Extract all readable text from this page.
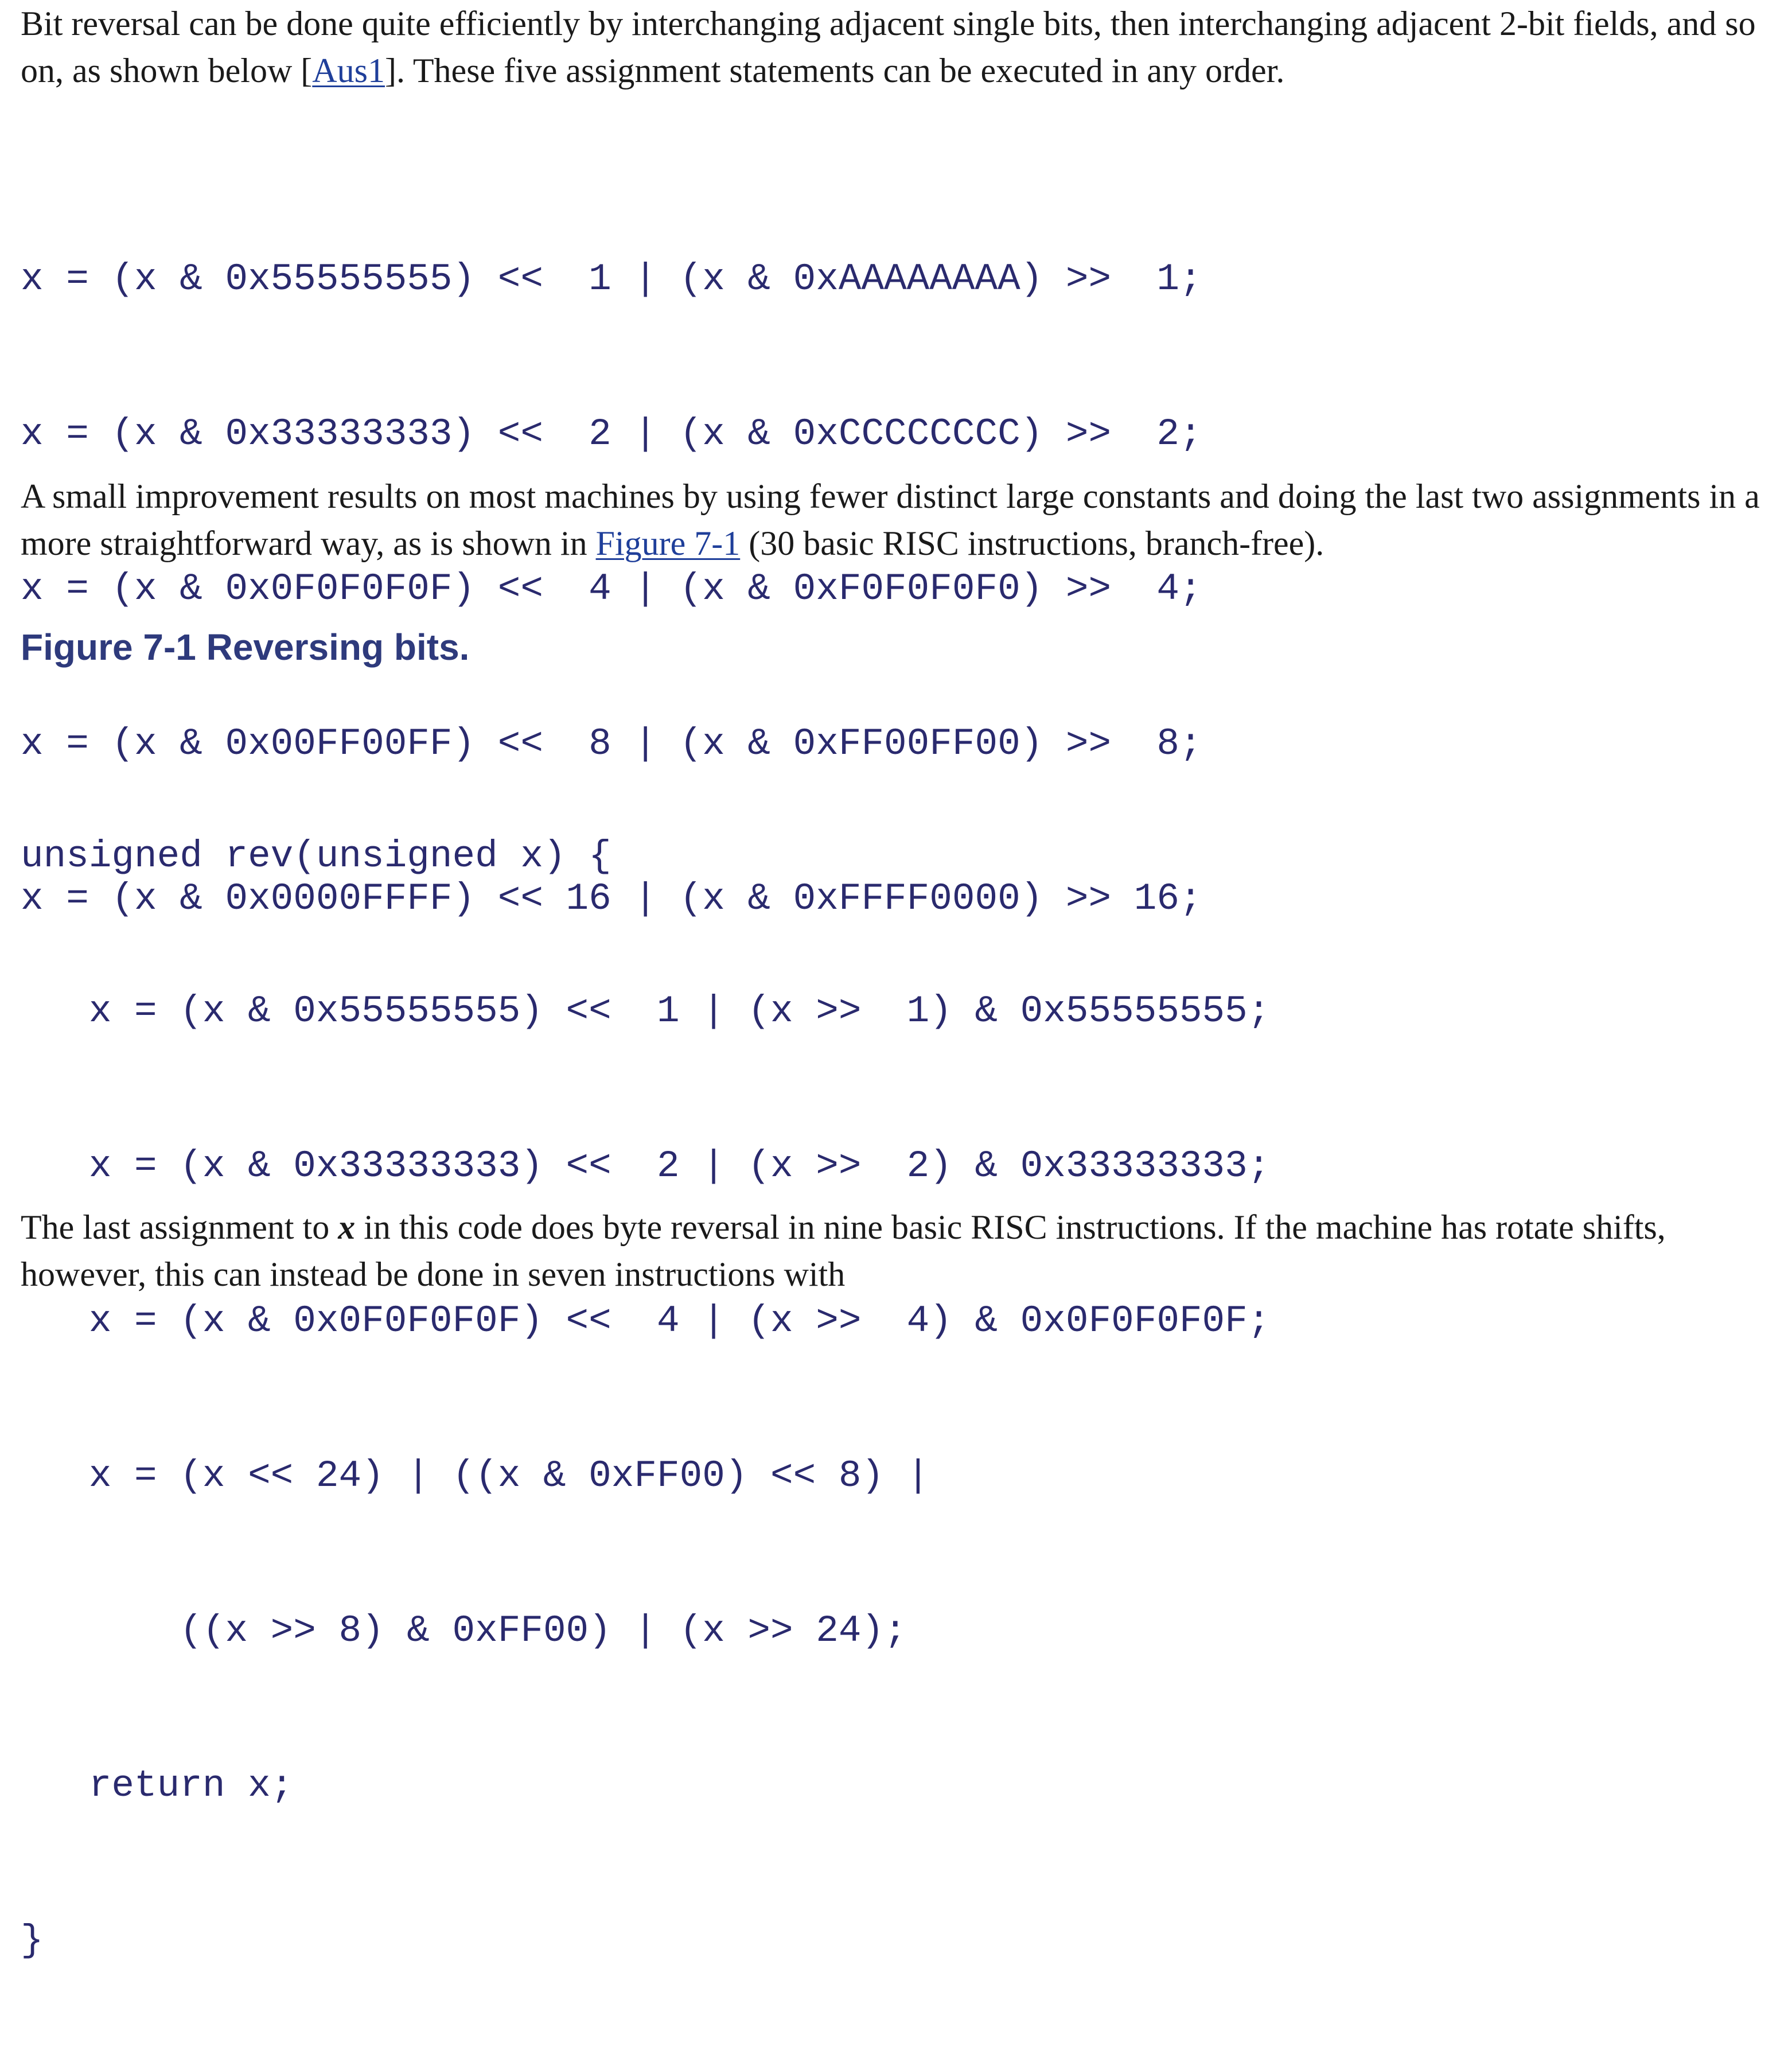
Bit reversal can be done quite efficiently by interchanging adjacent single bits, then interchanging adjacent 2-bit fields, and so on, as shown below [Aus1]. These five assignment statements can be executed in any order.

x = (x & 0x55555555) <<  1 | (x & 0xAAAAAAAA) >>  1;

x = (x & 0x33333333) <<  2 | (x & 0xCCCCCCCC) >>  2;

x = (x & 0x0F0F0F0F) <<  4 | (x & 0xF0F0F0F0) >>  4;

x = (x & 0x00FF00FF) <<  8 | (x & 0xFF00FF00) >>  8;

x = (x & 0x0000FFFF) << 16 | (x & 0xFFFF0000) >> 16;

A small improvement results on most machines by using fewer distinct large constants and doing the last two assignments in a more straightforward way, as is shown in Figure 7-1 (30 basic RISC instructions, branch-free).

Figure 7-1 Reversing bits.

unsigned rev(unsigned x) {

x = (x & 0x55555555) <<  1 | (x >>  1) & 0x55555555;

x = (x & 0x33333333) <<  2 | (x >>  2) & 0x33333333;

x = (x & 0x0F0F0F0F) <<  4 | (x >>  4) & 0x0F0F0F0F;

x = (x << 24) | ((x & 0xFF00) << 8) |

((x >> 8) & 0xFF00) | (x >> 24);

return x;

}

The last assignment to x in this code does byte reversal in nine basic RISC instructions. If the machine has rotate shifts, however, this can instead be done in seven instructions with
